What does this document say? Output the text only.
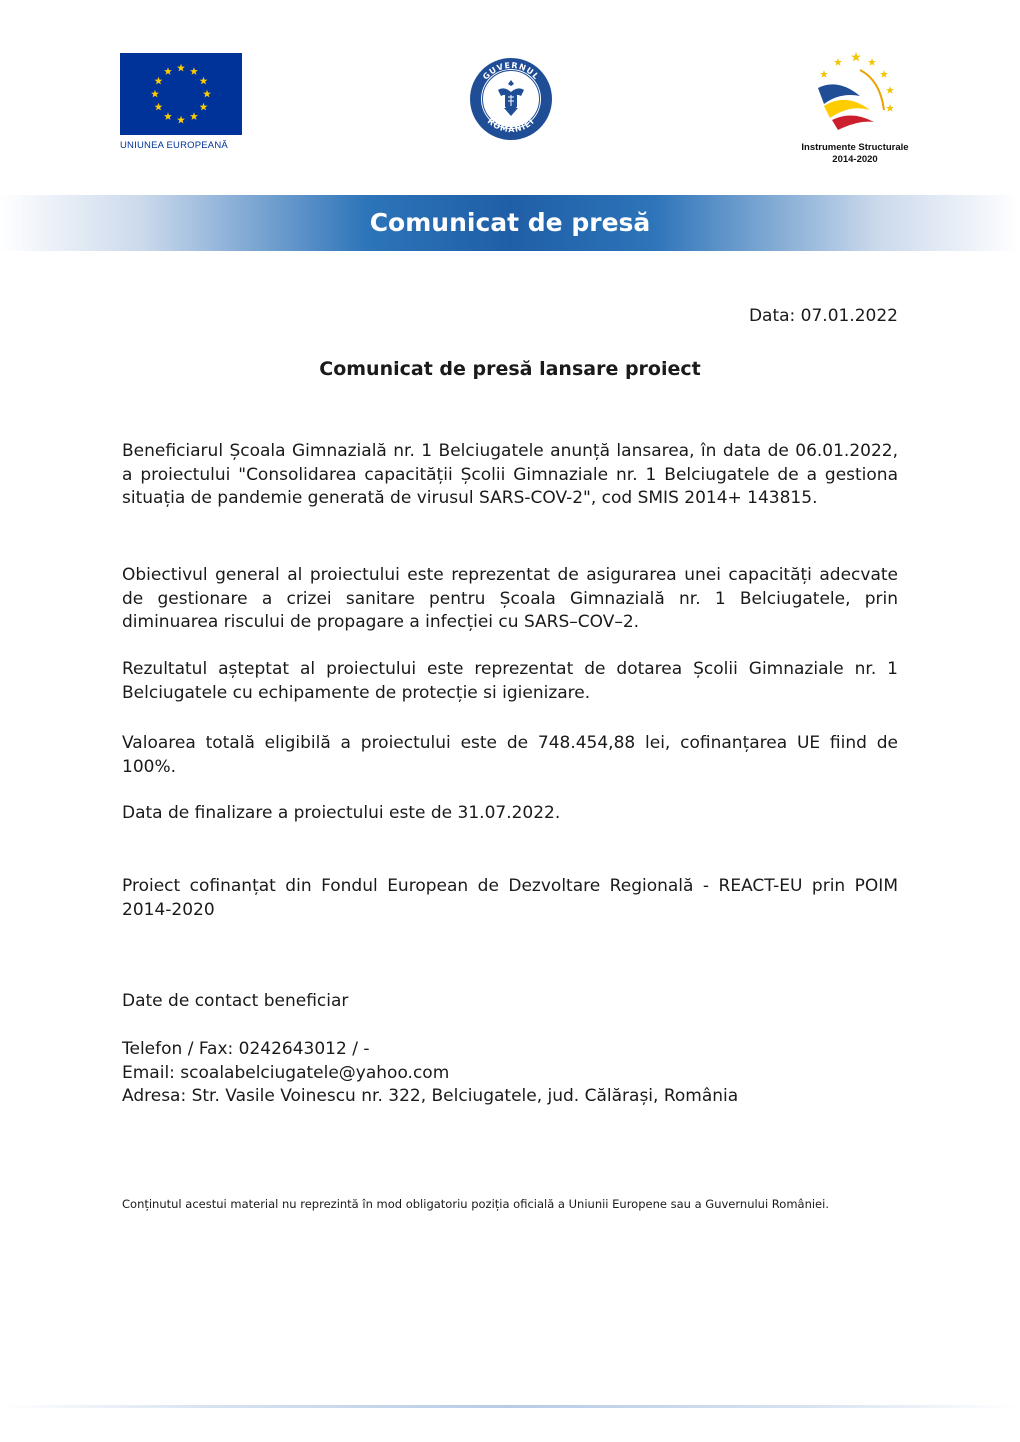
UNIUNEA EUROPEANĂ
GUVERNUL
ROMÂNIEI
Instrumente Structurale
2014-2020
Comunicat de presă
Data: 07.01.2022
Comunicat de presă lansare proiect
Beneficiarul Școala Gimnazială nr. 1 Belciugatele anunță lansarea, în data de 06.01.2022, a proiectului "Consolidarea capacității Școlii Gimnaziale nr. 1 Belciugatele de a gestiona situația de pandemie generată de virusul SARS-COV-2", cod SMIS 2014+ 143815.
Obiectivul general al proiectului este reprezentat de asigurarea unei capacități adecvate de gestionare a crizei sanitare pentru Școala Gimnazială nr. 1 Belciugatele, prin diminuarea riscului de propagare a infecției cu SARS–COV–2.
Rezultatul așteptat al proiectului este reprezentat de dotarea Școlii Gimnaziale nr. 1 Belciugatele cu echipamente de protecție si igienizare.
Valoarea totală eligibilă a proiectului este de 748.454,88 lei, cofinanțarea UE fiind de 100%.
Data de finalizare a proiectului este de 31.07.2022.
Proiect cofinanțat din Fondul European de Dezvoltare Regională - REACT-EU prin POIM 2014-2020
Date de contact beneficiar
Telefon / Fax: 0242643012 / -
Email: scoalabelciugatele@yahoo.com
Adresa: Str. Vasile Voinescu nr. 322, Belciugatele, jud. Călărași, România
Conținutul acestui material nu reprezintă în mod obligatoriu poziția oficială a Uniunii Europene sau a Guvernului României.
